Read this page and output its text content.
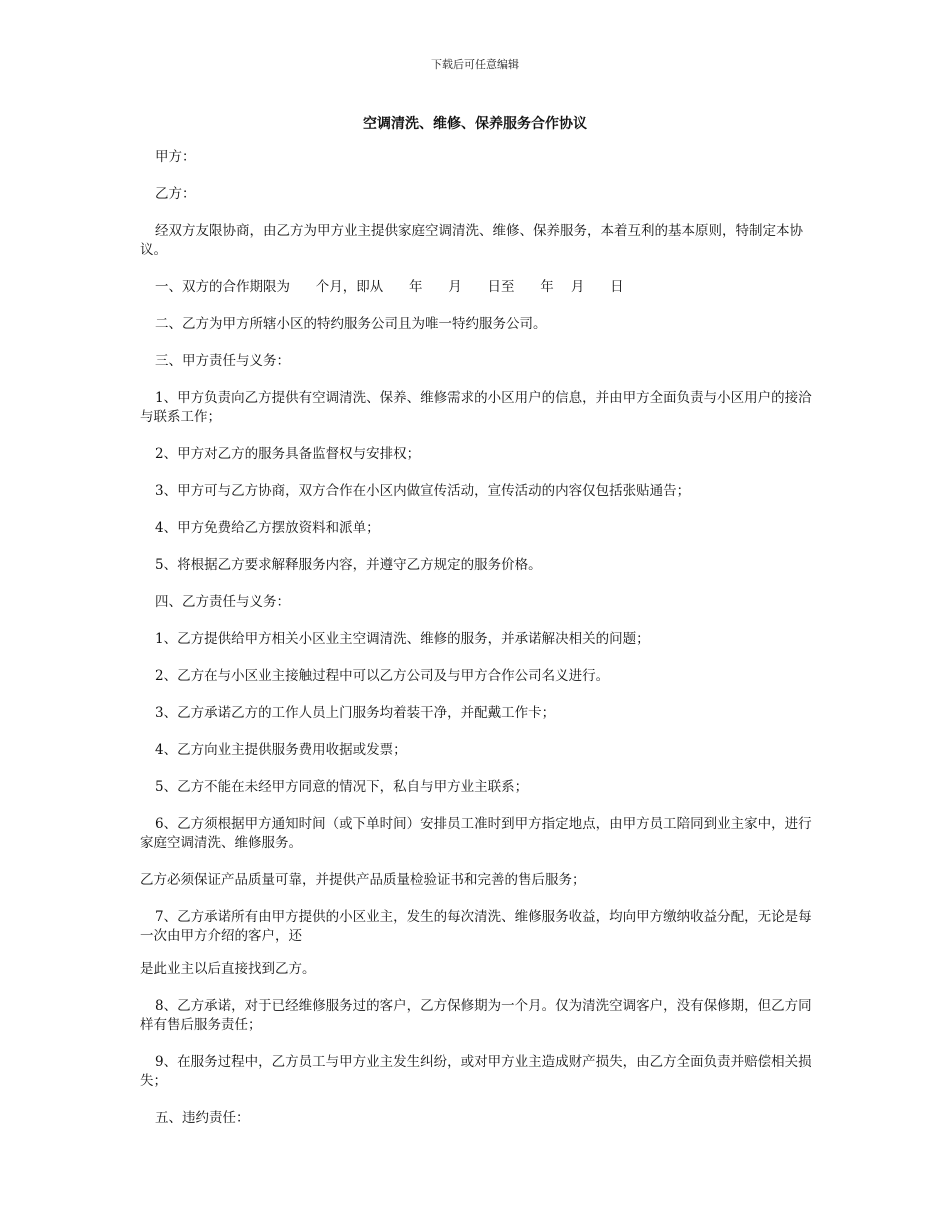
下载后可任意编辑
空调清洗、维修、保养服务合作协议

甲方：

乙方：

经双方友限协商，由乙方为甲方业主提供家庭空调清洗、维修、保养服务，本着互利的基本原则，特制定本协议。

一、双方的合作期限为      个月，即从      年      月      日至      年    月      日

二、乙方为甲方所辖小区的特约服务公司且为唯一特约服务公司。

三、甲方责任与义务：

1、甲方负责向乙方提供有空调清洗、保养、维修需求的小区用户的信息，并由甲方全面负责与小区用户的接洽与联系工作；

2、甲方对乙方的服务具备监督权与安排权；

3、甲方可与乙方协商，双方合作在小区内做宣传活动，宣传活动的内容仅包括张贴通告；

4、甲方免费给乙方摆放资料和派单；

5、将根据乙方要求解释服务内容，并遵守乙方规定的服务价格。

四、乙方责任与义务：

1、乙方提供给甲方相关小区业主空调清洗、维修的服务，并承诺解决相关的问题；

2、乙方在与小区业主接触过程中可以乙方公司及与甲方合作公司名义进行。

3、乙方承诺乙方的工作人员上门服务均着装干净，并配戴工作卡；

4、乙方向业主提供服务费用收据或发票；

5、乙方不能在未经甲方同意的情况下，私自与甲方业主联系；

6、乙方须根据甲方通知时间（或下单时间）安排员工准时到甲方指定地点，由甲方员工陪同到业主家中，进行家庭空调清洗、维修服务。

乙方必须保证产品质量可靠，并提供产品质量检验证书和完善的售后服务；

7、乙方承诺所有由甲方提供的小区业主，发生的每次清洗、维修服务收益，均向甲方缴纳收益分配，无论是每一次由甲方介绍的客户，还

是此业主以后直接找到乙方。

8、乙方承诺，对于已经维修服务过的客户，乙方保修期为一个月。仅为清洗空调客户，没有保修期，但乙方同样有售后服务责任；

9、在服务过程中，乙方员工与甲方业主发生纠纷，或对甲方业主造成财产损失，由乙方全面负责并赔偿相关损失；

五、违约责任：
